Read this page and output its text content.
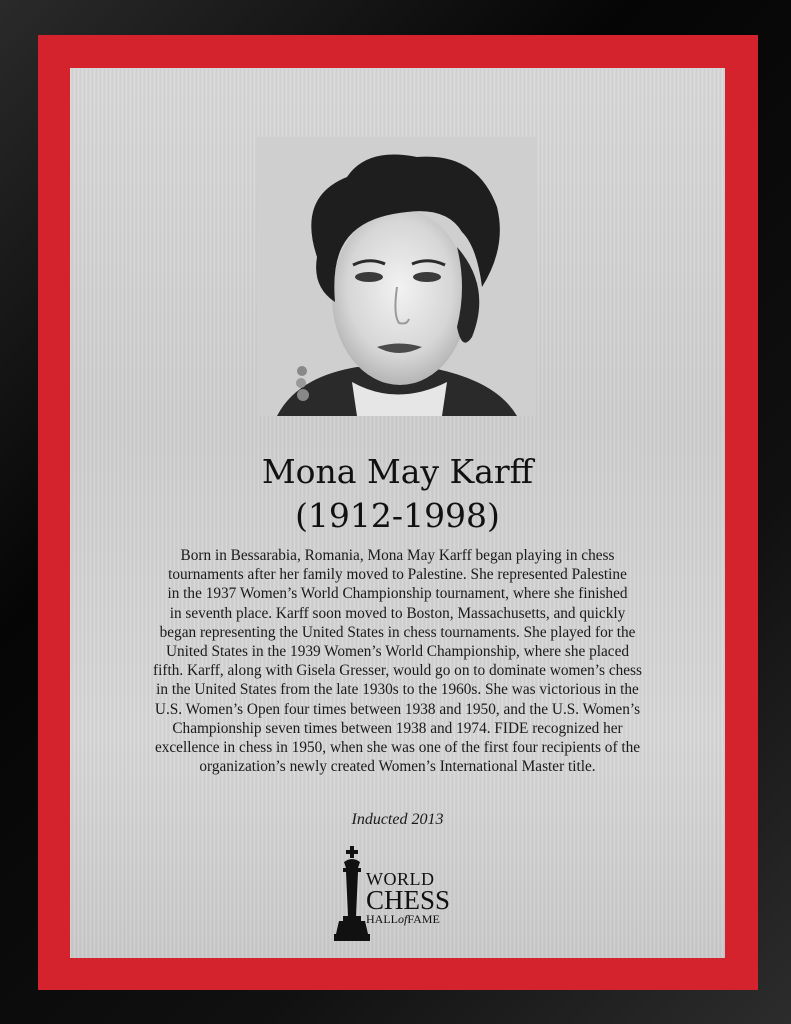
Mona May Karff
(1912-1998)
Born in Bessarabia, Romania, Mona May Karff began playing in chess
tournaments after her family moved to Palestine. She represented Palestine
in the 1937 Women’s World Championship tournament, where she finished
in seventh place. Karff soon moved to Boston, Massachusetts, and quickly
began representing the United States in chess tournaments. She played for the
United States in the 1939 Women’s World Championship, where she placed
fifth. Karff, along with Gisela Gresser, would go on to dominate women’s chess
in the United States from the late 1930s to the 1960s. She was victorious in the
U.S. Women’s Open four times between 1938 and 1950, and the U.S. Women’s
Championship seven times between 1938 and 1974. FIDE recognized her
excellence in chess in 1950, when she was one of the first four recipients of the
organization’s newly created Women’s International Master title.
Inducted 2013
WORLD
CHESS
HALLofFAME
